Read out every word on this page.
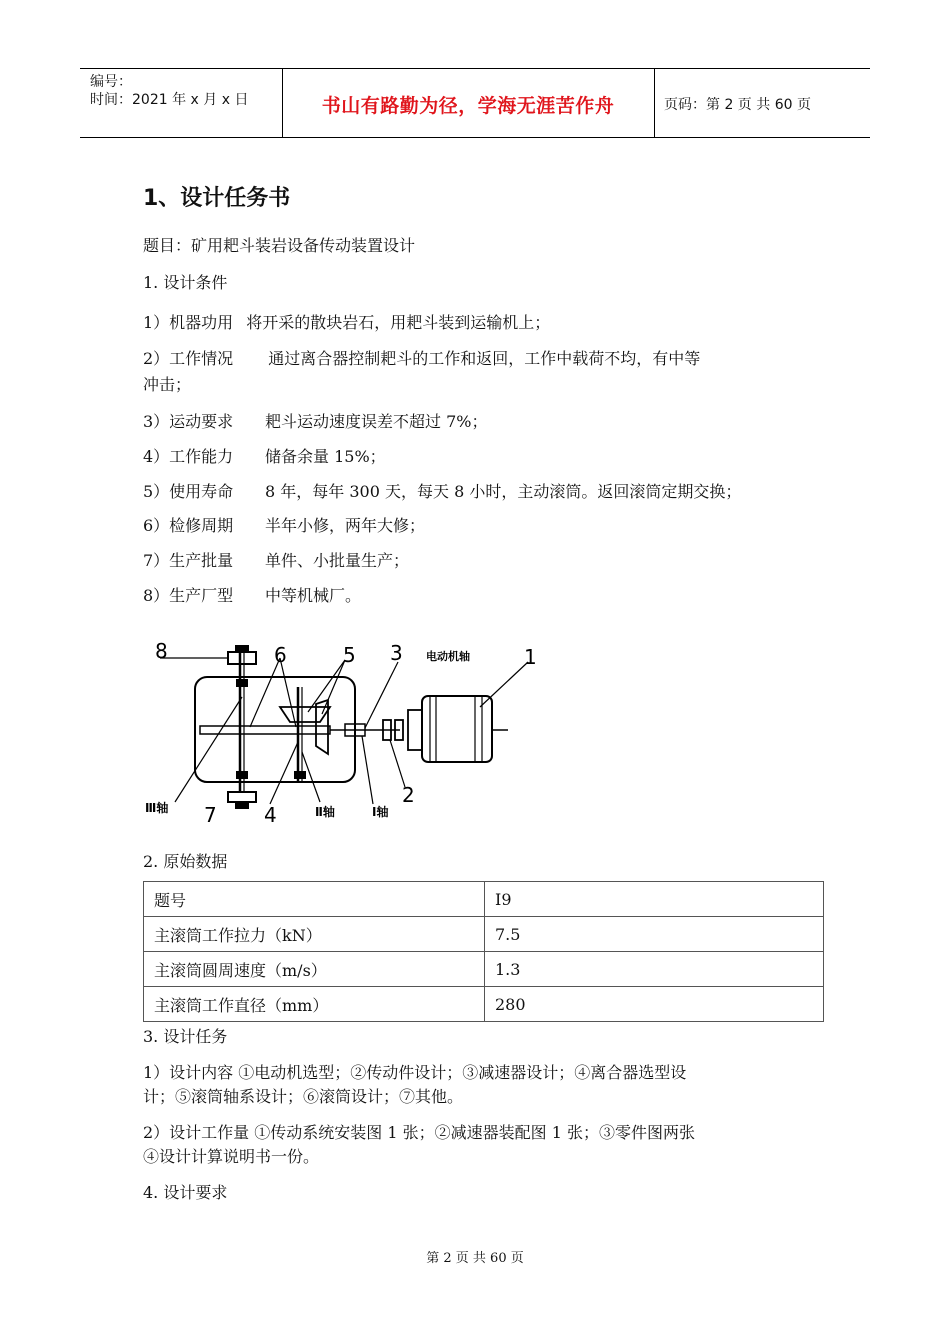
编号：
时间：2021 年 x 月 x 日	书山有路勤为径，学海无涯苦作舟	页码：第 2 页 共 60 页
1、设计任务书
题目：矿用耙斗装岩设备传动装置设计
1. 设计条件
1）机器功用 将开采的散块岩石，用耙斗装到运输机上；
2）工作情况 通过离合器控制耙斗的工作和返回，工作中载荷不均，有中等
冲击；
3）运动要求 耙斗运动速度误差不超过 7%；
4）工作能力 储备余量 15%；
5）使用寿命 8 年，每年 300 天，每天 8 小时，主动滚筒。返回滚筒定期交换；
6）检修周期 半年小修，两年大修；
7）生产批量 单件、小批量生产；
8）生产厂型 中等机械厂。
8	6	5 3 电动机轴	1
2
7 4
Ⅲ轴	Ⅱ轴	Ⅰ轴
2. 原始数据
题号	I9
主滚筒工作拉力（kN）	7.5
主滚筒圆周速度（m/s）	1.3
主滚筒工作直径（mm）	280
3. 设计任务
1）设计内容 ①电动机选型；②传动件设计；③减速器设计；④离合器选型设
计；⑤滚筒轴系设计；⑥滚筒设计；⑦其他。
2）设计工作量 ①传动系统安装图 1 张；②减速器装配图 1 张；③零件图两张
④设计计算说明书一份。
4. 设计要求
第 2 页 共 60 页
